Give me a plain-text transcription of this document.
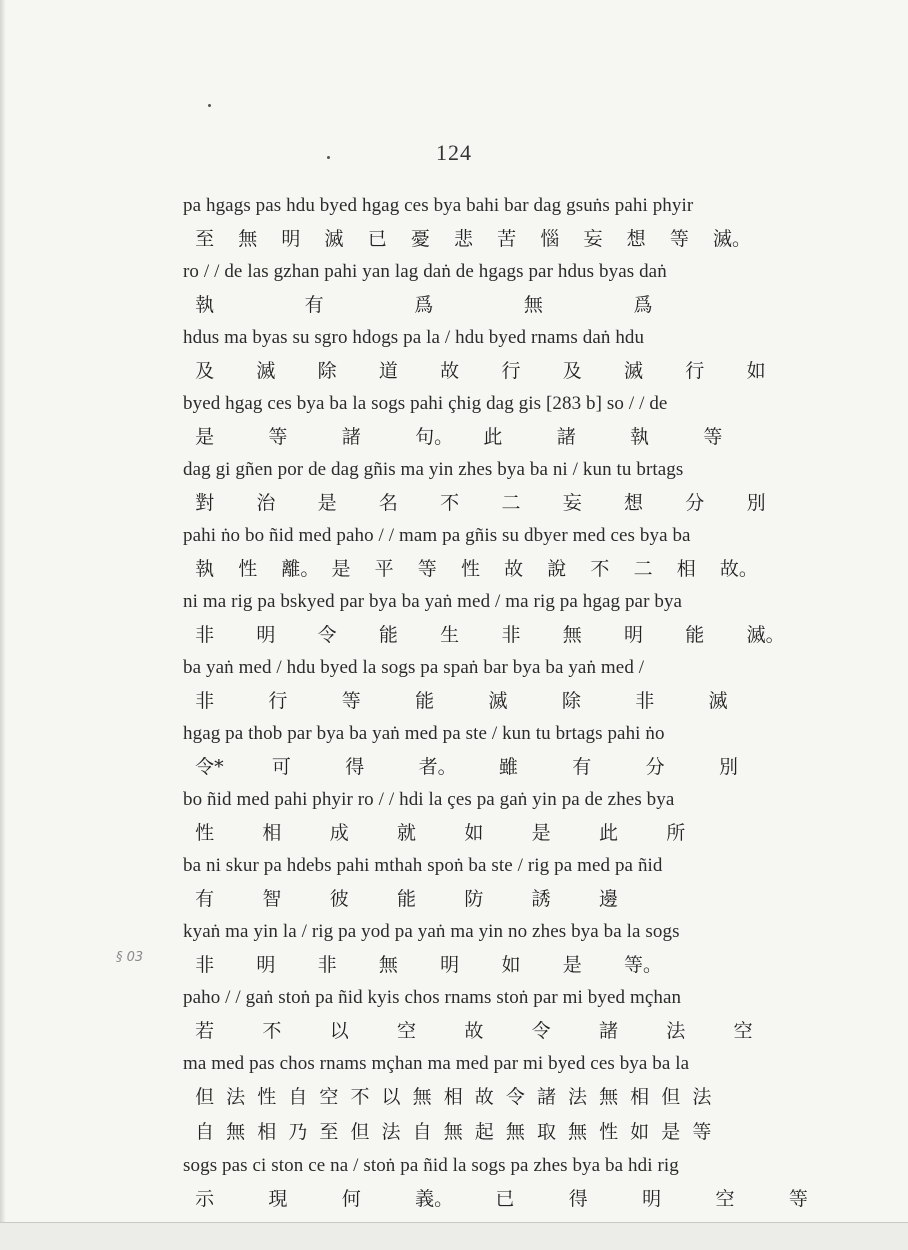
124
§ 03
pa hgags pas hdu byed hgag ces bya bahi bar dag gsuṅs pahi phyir
至    無    明    滅    已    憂    悲    苦    惱    妄    想    等    滅。
ro / / de las gzhan pahi yan lag daṅ de hgags par hdus byas daṅ
執               有               爲               無               爲
hdus ma byas su sgro hdogs pa la / hdu byed rnams daṅ hdu
及       滅       除       道       故       行       及       滅       行       如
byed hgag ces bya ba la sogs pahi çhig dag gis [283 b] so / / de
是         等         諸         句。     此         諸         執         等
dag gi gñen por de dag gñis ma yin zhes bya ba ni / kun tu brtags
對       治       是       名       不       二       妄       想       分       別
pahi ṅo bo ñid med paho / / mam pa gñis su dbyer med ces bya ba
執    性    離。  是    平    等    性    故    說    不    二    相    故。
ni ma rig pa bskyed par bya ba yaṅ med / ma rig pa hgag par bya
非       明       令       能       生       非       無       明       能       滅。
ba yaṅ med / hdu byed la sogs pa spaṅ bar bya ba yaṅ med /
非         行         等         能         滅         除         非         滅
hgag pa thob par bya ba yaṅ med pa ste / kun tu brtags pahi ṅo
令*        可         得         者。       雖         有         分         別
bo ñid med pahi phyir ro / / hdi la çes pa gaṅ yin pa de zhes bya
性        相        成        就        如        是        此        所
ba ni skur pa hdebs pahi mthah spoṅ ba ste / rig pa med pa ñid
有        智        彼        能        防        誘        邊
kyaṅ ma yin la / rig pa yod pa yaṅ ma yin no zhes bya ba la sogs
非       明       非       無       明       如       是       等。
paho / / gaṅ stoṅ pa ñid kyis chos rnams stoṅ par mi byed mçhan
若        不        以        空        故        令        諸        法        空
ma med pas chos rnams mçhan ma med par mi byed ces bya ba la
但  法  性  自  空  不  以  無  相  故  令  諸  法  無  相  但  法
自  無  相  乃  至  但  法  自  無  起  無  取  無  性  如  是  等
sogs pas ci ston ce na / stoṅ pa ñid la sogs pa zhes bya ba hdi rig
示         現         何         義。       已         得         明         空         等
